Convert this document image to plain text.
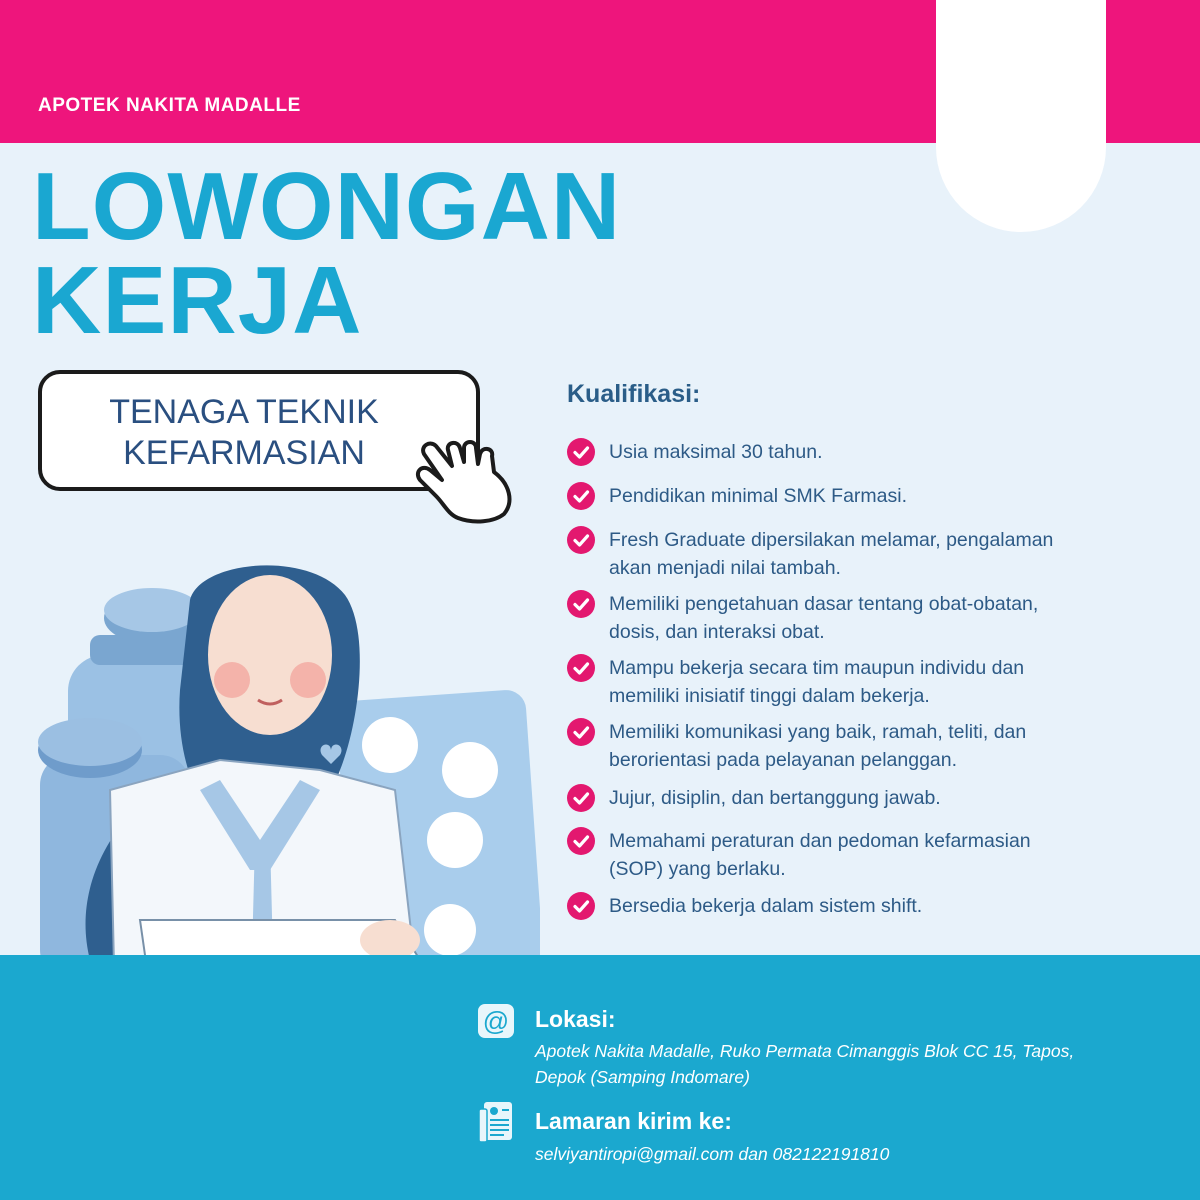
APOTEK NAKITA MADALLE
LOWONGAN
KERJA
TENAGA TEKNIK
KEFARMASIAN
Kualifikasi:
Usia maksimal 30 tahun.
Pendidikan minimal SMK Farmasi.
Fresh Graduate dipersilakan melamar, pengalaman
akan menjadi nilai tambah.
Memiliki pengetahuan dasar tentang obat-obatan,
dosis, dan interaksi obat.
Mampu bekerja secara tim maupun individu dan
memiliki inisiatif tinggi dalam bekerja.
Memiliki komunikasi yang baik, ramah, teliti, dan
berorientasi pada pelayanan pelanggan.
Jujur, disiplin, dan bertanggung jawab.
Memahami peraturan dan pedoman kefarmasian
(SOP) yang berlaku.
Bersedia bekerja dalam sistem shift.
@ Lokasi:
Apotek Nakita Madalle, Ruko Permata Cimanggis Blok CC 15, Tapos,
Depok (Samping Indomare)
Lamaran kirim ke:
selviyantiropi@gmail.com dan 082122191810
